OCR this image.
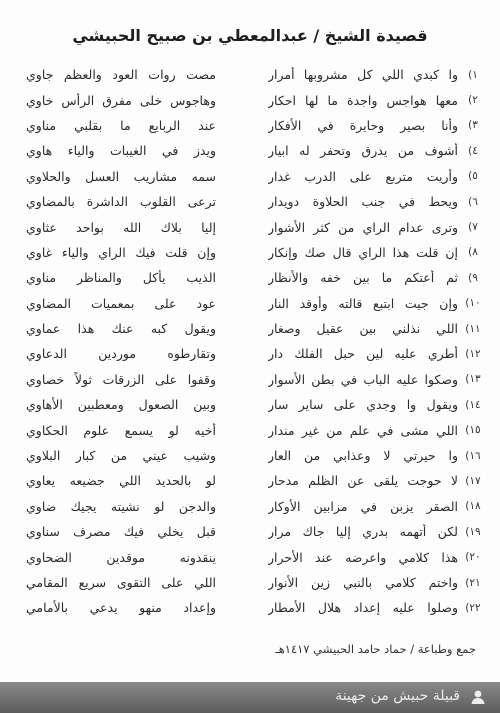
قصيدة الشيخ / عبدالمعطي بن صبيح الحبيشي
١)
وا كبدي اللي كل مشروبها أمرار
مصت روات العود والعظم جاوي
٢)
معها هواجس واجدة ما لها احكار
وهاجوس خلى مفرق الرأس خاوي
٣)
وأنا بصير وحايرة في الأفكار
عند الربايع ما بقلبي مناوي
٤)
أشوف من يدرق وتحفر له ابيار
ويدز في الغيبات والياء هاوي
٥)
وأريت متربع على الدرب غدار
سمه مشاريب العسل والحلاوي
٦)
ويحط في جنب الحلاوة دويدار
ترعى القلوب الداشرة بالمضاوي
٧)
وترى عدام الراي من كثر الأشوار
إليا بلاك الله بواحد عثاوي
٨)
إن قلت هذا الراي قال صك وإنكار
وإن قلت فيك الراي والياء غاوي
٩)
ثم أعتكم ما بين خفه والأنظار
الذيب يأكل والمناظر مناوي
١٠)
وإن جيت ابتبع قالته وأوقد النار
عود على بمعميات المضاوي
١١)
اللي نذلني بين عقيل وصغار
ويقول كبه عنك هذا عماوي
١٢)
أطري عليه لين حبل الفلك دار
وتقارطوه موردين الدعاوي
١٣)
وصكوا عليه الباب في بطن الأسوار
وقفوا على الزرقات ثولاً خصاوي
١٤)
ويقول وا وجدي على ساير سار
وبين الصعول ومعطبين الأهاوي
١٥)
اللي مشى في علم من غير مندار
أخيه لو يسمع علوم الحكاوي
١٦)
وا حيرتي لا وعذابي من العار
وشيب عيني من كبار البلاوي
١٧)
لا حوجت يلقى عن الظلم مدحار
لو بالحديد اللي جضيعه يعاوي
١٨)
الصقر يزبن في مزابين الأوكار
والدجن لو نشيته يجيك ضاوي
١٩)
لكن أتهمه بدري إليا جاك مرار
قبل يخلي فيك مصرف سناوي
٢٠)
هذا كلامي واعرضه عند الأحرار
ينقدونه موقدين الضحاوي
٢١)
واختم كلامي بالنبي زين الأنوار
اللي على التقوى سريع المقامي
٢٢)
وصلوا عليه إعداد هلال الأمطار
وإعداد منهو يدعي بالأمامي
جمع وطباعة / حماد حامد الحبيشي ١٤١٧هـ
قبيلة حبيش من جهينة
